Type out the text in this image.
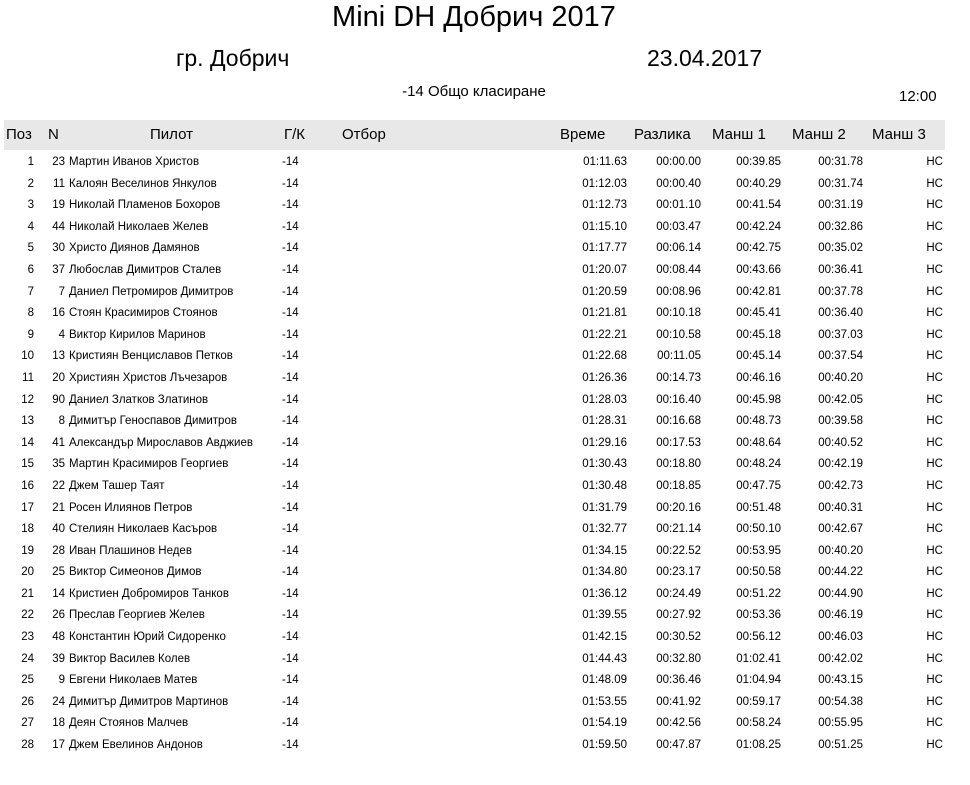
Mini DH Добрич 2017
гр. Добрич	23.04.2017
-14 Общо класиране	12:00
Поз N	Пилот	Г/К Отбор	Време Разлика Манш 1 Манш 2 Манш 3
1	23 Мартин Иванов Христов	-14	01:11.63	00:00.00	00:39.85	00:31.78	НС
2	11 Калоян Веселинов Янкулов	-14	01:12.03	00:00.40	00:40.29	00:31.74	НС
3	19 Николай Пламенов Бохоров	-14	01:12.73	00:01.10	00:41.54	00:31.19	НС
4	44 Николай Николаев Желев	-14	01:15.10	00:03.47	00:42.24	00:32.86	НС
5	30 Христо Диянов Дамянов	-14	01:17.77	00:06.14	00:42.75	00:35.02	НС
6	37 Любослав Димитров Сталев	-14	01:20.07	00:08.44	00:43.66	00:36.41	НС
7	7 Даниел Петромиров Димитров	-14	01:20.59	00:08.96	00:42.81	00:37.78	НС
8	16 Стоян Красимиров Стоянов	-14	01:21.81	00:10.18	00:45.41	00:36.40	НС
9	4 Виктор Кирилов Маринов	-14	01:22.21	00:10.58	00:45.18	00:37.03	НС
10	13 Кристиян Венциславов Петков	-14	01:22.68	00:11.05	00:45.14	00:37.54	НС
11	20 Християн Христов Лъчезаров	-14	01:26.36	00:14.73	00:46.16	00:40.20	НС
12	90 Даниел Златков Златинов	-14	01:28.03	00:16.40	00:45.98	00:42.05	НС
13	8 Димитър Геноспавов Димитров	-14	01:28.31	00:16.68	00:48.73	00:39.58	НС
14	41 Александър Мирославов Авджиев	-14	01:29.16	00:17.53	00:48.64	00:40.52	НС
15	35 Мартин Красимиров Георгиев	-14	01:30.43	00:18.80	00:48.24	00:42.19	НС
16	22 Джем Ташер Таят	-14	01:30.48	00:18.85	00:47.75	00:42.73	НС
17	21 Росен Илиянов Петров	-14	01:31.79	00:20.16	00:51.48	00:40.31	НС
18	40 Стелиян Николаев Касъров	-14	01:32.77	00:21.14	00:50.10	00:42.67	НС
19	28 Иван Плашинов Недев	-14	01:34.15	00:22.52	00:53.95	00:40.20	НС
20	25 Виктор Симеонов Димов	-14	01:34.80	00:23.17	00:50.58	00:44.22	НС
21	14 Кристиен Добромиров Танков	-14	01:36.12	00:24.49	00:51.22	00:44.90	НС
22	26 Преслав Георгиев Желев	-14	01:39.55	00:27.92	00:53.36	00:46.19	НС
23	48 Константин Юрий Сидоренко	-14	01:42.15	00:30.52	00:56.12	00:46.03	НС
24	39 Виктор Василев Колев	-14	01:44.43	00:32.80	01:02.41	00:42.02	НС
25	9 Евгени Николаев Матев	-14	01:48.09	00:36.46	01:04.94	00:43.15	НС
26	24 Димитър Димитров Мартинов	-14	01:53.55	00:41.92	00:59.17	00:54.38	НС
27	18 Деян Стоянов Малчев	-14	01:54.19	00:42.56	00:58.24	00:55.95	НС
28	17 Джем Евелинов Андонов	-14	01:59.50	00:47.87	01:08.25	00:51.25	НС
